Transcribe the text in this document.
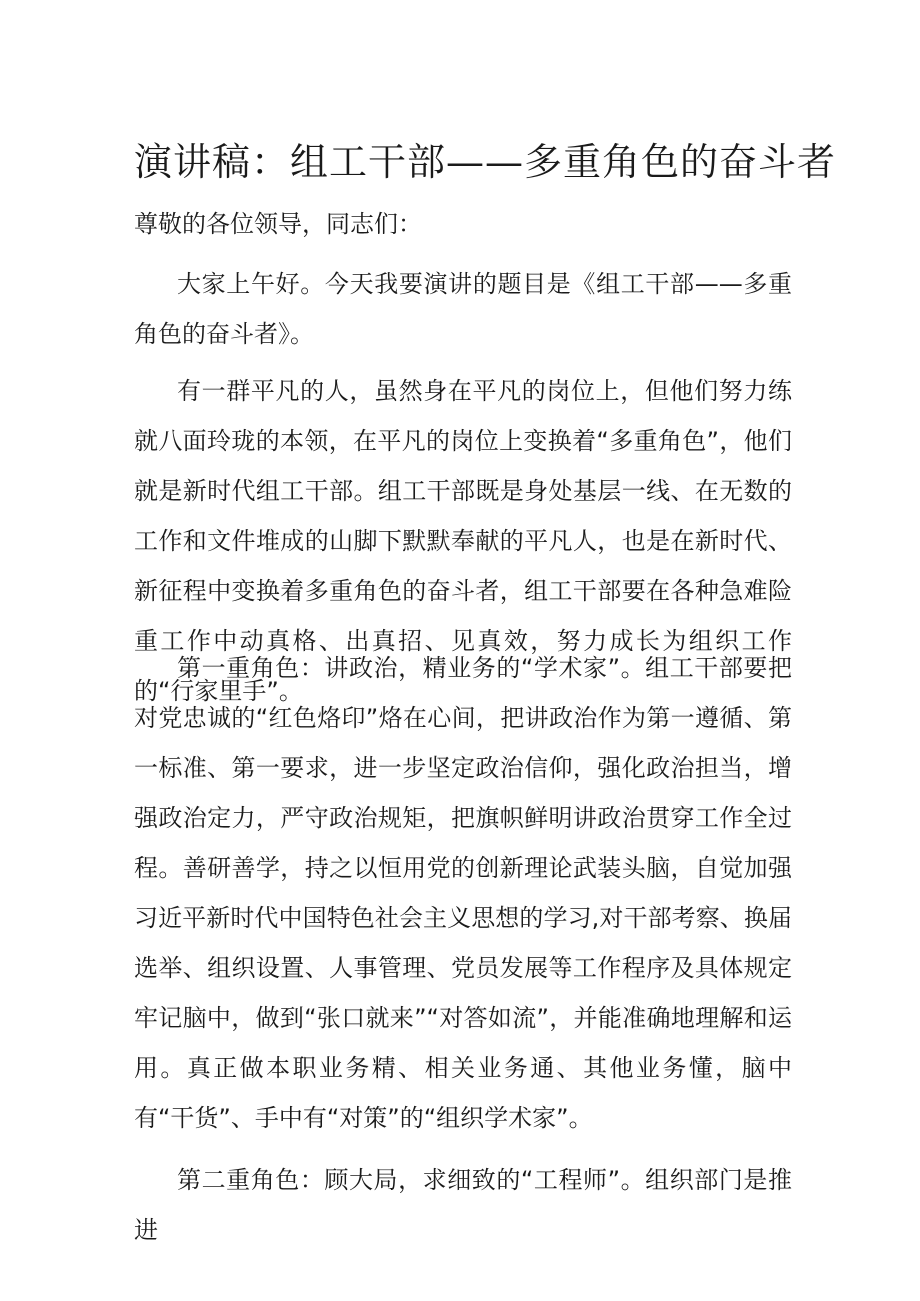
演讲稿：组工干部——多重角色的奋斗者

尊敬的各位领导，同志们：

大家上午好。今天我要演讲的题目是《组工干部——多重角色的奋斗者》。

有一群平凡的人，虽然身在平凡的岗位上，但他们努力练就八面玲珑的本领，在平凡的岗位上变换着“多重角色”，他们就是新时代组工干部。组工干部既是身处基层一线、在无数的工作和文件堆成的山脚下默默奉献的平凡人，也是在新时代、新征程中变换着多重角色的奋斗者，组工干部要在各种急难险重工作中动真格、出真招、见真效，努力成长为组织工作的“行家里手”。

第一重角色：讲政治，精业务的“学术家”。组工干部要把对党忠诚的“红色烙印”烙在心间，把讲政治作为第一遵循、第一标准、第一要求，进一步坚定政治信仰，强化政治担当，增强政治定力，严守政治规矩，把旗帜鲜明讲政治贯穿工作全过程。善研善学，持之以恒用党的创新理论武装头脑，自觉加强习近平新时代中国特色社会主义思想的学习,对干部考察、换届选举、组织设置、人事管理、党员发展等工作程序及具体规定牢记脑中，做到“张口就来”“对答如流”，并能准确地理解和运用。真正做本职业务精、相关业务通、其他业务懂，脑中有“干货”、手中有“对策”的“组织学术家”。

第二重角色：顾大局，求细致的“工程师”。组织部门是推进
